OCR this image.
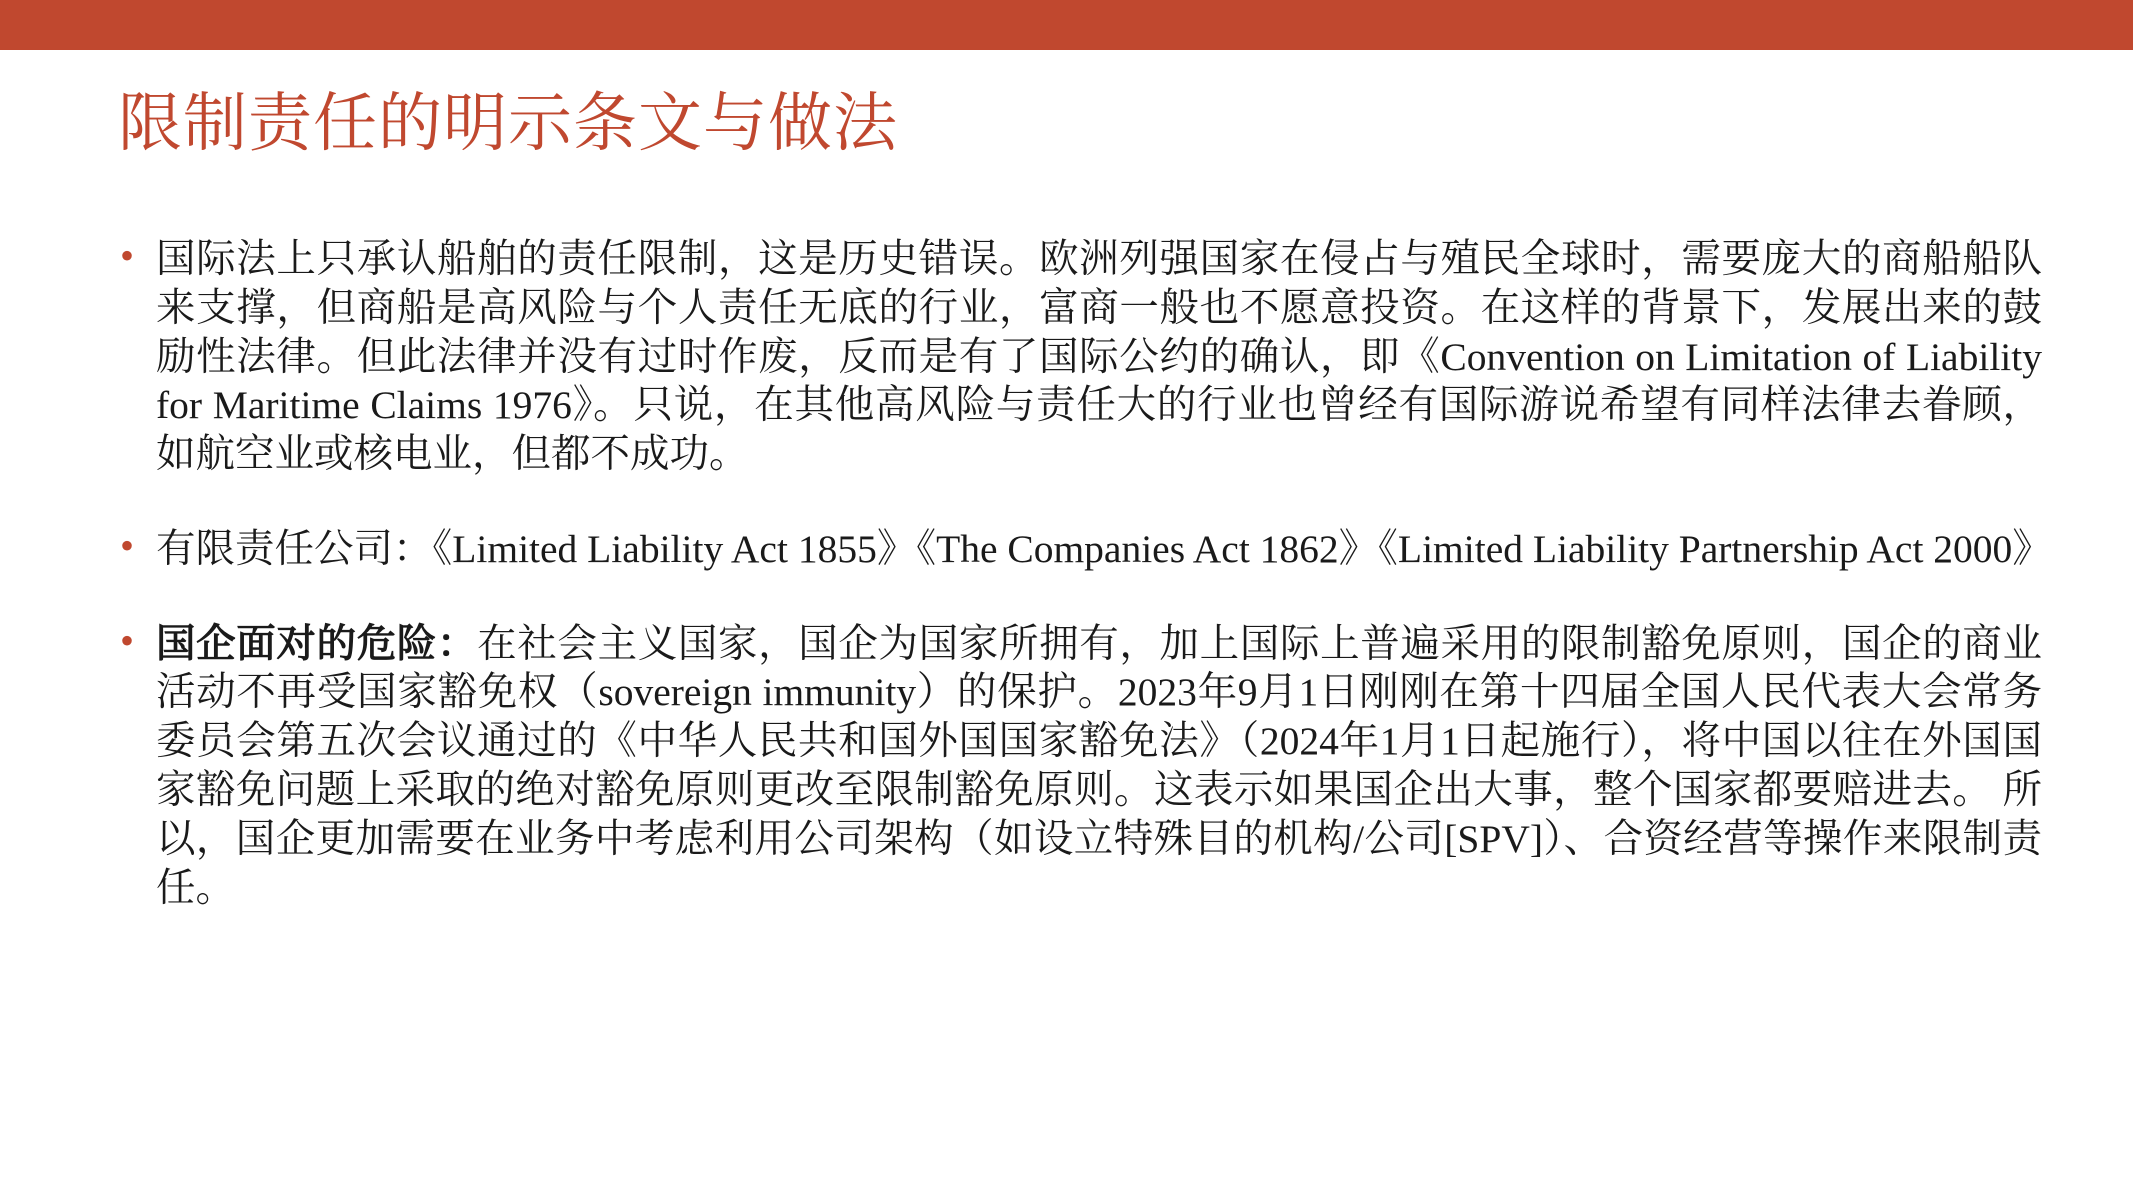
限制责任的明示条文与做法

• 国际法上只承认船舶的责任限制，这是历史错误。欧洲列强国家在侵占与殖民全球时，需要庞大的商船船队来支撑，但商船是高风险与个人责任无底的行业，富商一般也不愿意投资。在这样的背景下，发展出来的鼓励性法律。但此法律并没有过时作废，反而是有了国际公约的确认，即《Convention on Limitation of Liability for Maritime Claims 1976》。只说，在其他高风险与责任大的行业也曾经有国际游说希望有同样法律去眷顾，如航空业或核电业，但都不成功。

• 有限责任公司：《Limited Liability Act 1855》《The Companies Act 1862》《Limited Liability Partnership Act 2000》

• 国企面对的危险：在社会主义国家，国企为国家所拥有，加上国际上普遍采用的限制豁免原则，国企的商业活动不再受国家豁免权（sovereign immunity）的保护。2023年9月1日刚刚在第十四届全国人民代表大会常务委员会第五次会议通过的《中华人民共和国外国国家豁免法》（2024年1月1日起施行），将中国以往在外国国家豁免问题上采取的绝对豁免原则更改至限制豁免原则。这表示如果国企出大事，整个国家都要赔进去。 所以，国企更加需要在业务中考虑利用公司架构（如设立特殊目的机构/公司[SPV]）、合资经营等操作来限制责任。
